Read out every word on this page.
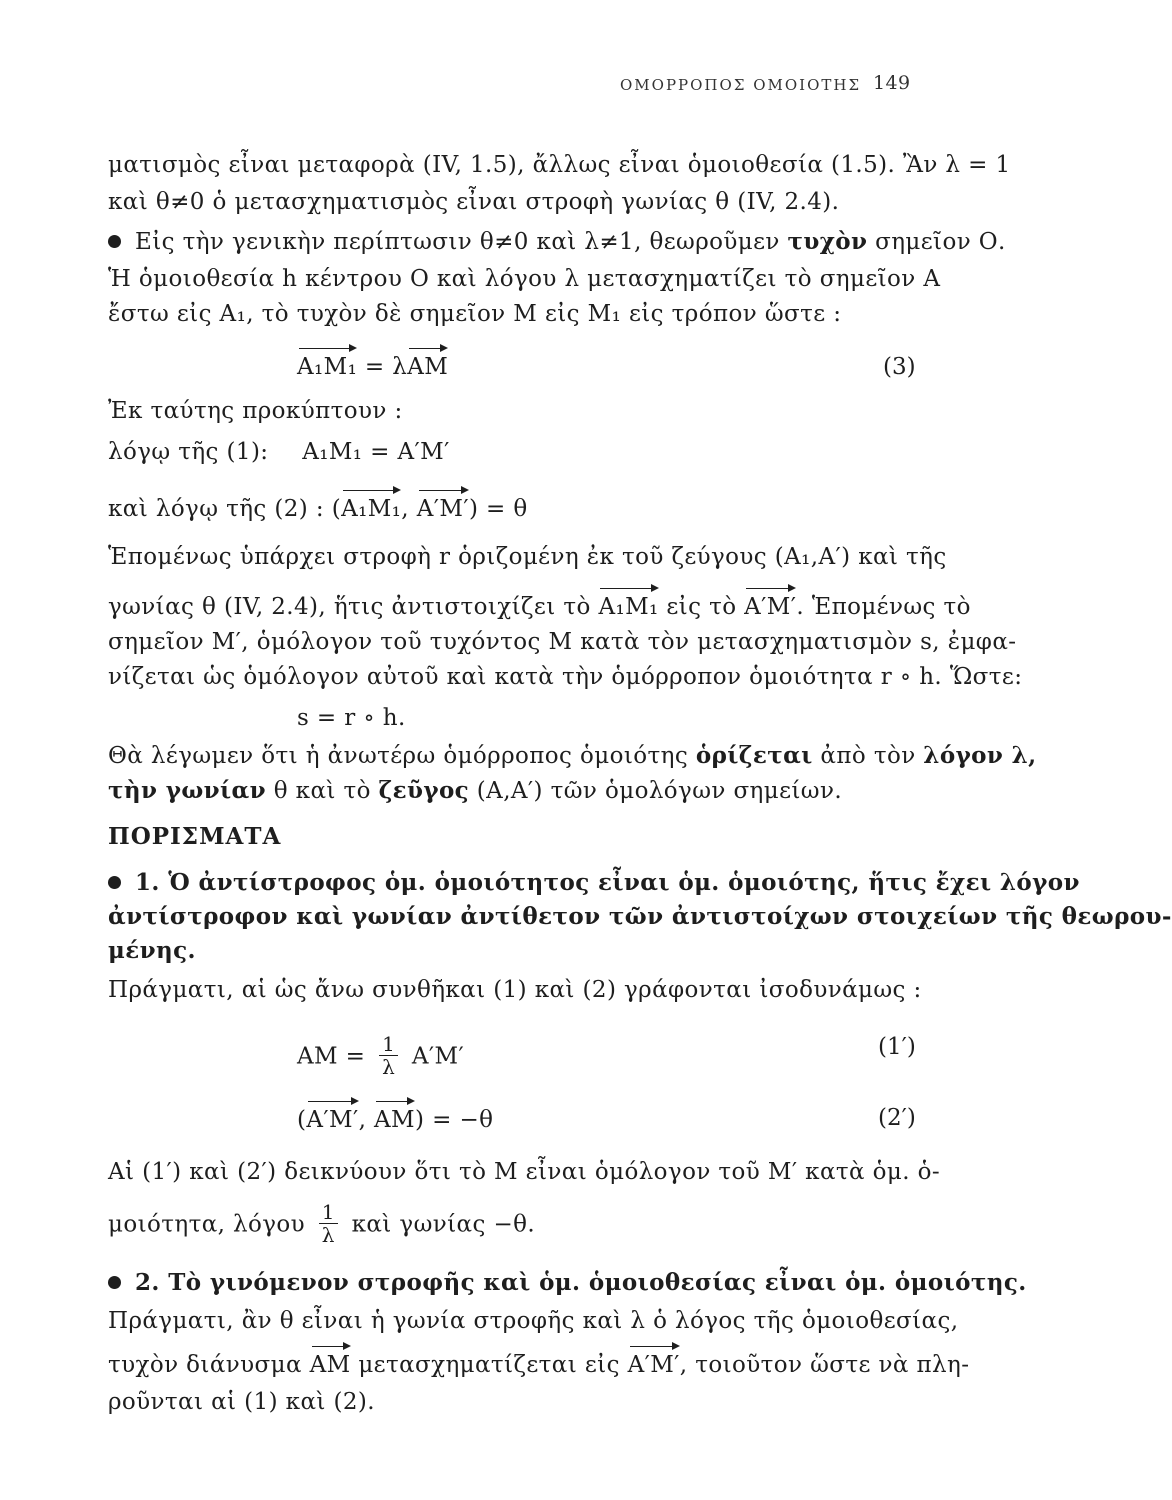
ΟΜΟΡΡΟΠΟΣ ΟΜΟΙΟΤΗΣ 149
ματισμὸς εἶναι μεταφορὰ (IV, 1.5), ἄλλως εἶναι ὁμοιοθεσία (1.5). Ἂν λ = 1
καὶ θ≠0 ὁ μετασχηματισμὸς εἶναι στροφὴ γωνίας θ (IV, 2.4).
Εἰς τὴν γενικὴν περίπτωσιν θ≠0 καὶ λ≠1, θεωροῦμεν τυχὸν σημεῖον Ο.
Ἡ ὁμοιοθεσία h κέντρου Ο καὶ λόγου λ μετασχηματίζει τὸ σημεῖον Α
ἔστω εἰς Α₁, τὸ τυχὸν δὲ σημεῖον Μ εἰς Μ₁ εἰς τρόπον ὥστε :
Α₁Μ₁ = λΑΜ	(3)
Ἐκ ταύτης προκύπτουν :
λόγῳ τῆς (1): Α₁Μ₁ = Α′Μ′
καὶ λόγῳ τῆς (2) : (Α₁Μ₁, Α′Μ′) = θ
Ἑπομένως ὑπάρχει στροφὴ r ὁριζομένη ἐκ τοῦ ζεύγους (Α₁,Α′) καὶ τῆς
γωνίας θ (IV, 2.4), ἥτις ἀντιστοιχίζει τὸ Α₁Μ₁ εἰς τὸ Α′Μ′. Ἑπομένως τὸ
σημεῖον Μ′, ὁμόλογον τοῦ τυχόντος Μ κατὰ τὸν μετασχηματισμὸν s, ἐμφα-
νίζεται ὡς ὁμόλογον αὐτοῦ καὶ κατὰ τὴν ὁμόρροπον ὁμοιότητα r ∘ h. Ὥστε:
s = r ∘ h.
Θὰ λέγωμεν ὅτι ἡ ἀνωτέρω ὁμόρροπος ὁμοιότης ὁρίζεται ἀπὸ τὸν λόγον λ,
τὴν γωνίαν θ καὶ τὸ ζεῦγος (Α,Α′) τῶν ὁμολόγων σημείων.
ΠΟΡΙΣΜΑΤΑ
1. Ὁ ἀντίστροφος ὁμ. ὁμοιότητος εἶναι ὁμ. ὁμοιότης, ἥτις ἔχει λόγον
ἀντίστροφον καὶ γωνίαν ἀντίθετον τῶν ἀντιστοίχων στοιχείων τῆς θεωρου-
μένης.
Πράγματι, αἱ ὡς ἄνω συνθῆκαι (1) καὶ (2) γράφονται ἰσοδυνάμως :
$AM = \frac{1}{\lambda} A'M'$	(1′)
(Α′Μ′, ΑΜ) = −θ	(2′)
Αἱ (1′) καὶ (2′) δεικνύουν ὅτι τὸ Μ εἶναι ὁμόλογον τοῦ Μ′ κατὰ ὁμ. ὁ-
μοιότητα, λόγου $\frac{1}{\lambda}$ καὶ γωνίας −θ.
2. Τὸ γινόμενον στροφῆς καὶ ὁμ. ὁμοιοθεσίας εἶναι ὁμ. ὁμοιότης.
Πράγματι, ἂν θ εἶναι ἡ γωνία στροφῆς καὶ λ ὁ λόγος τῆς ὁμοιοθεσίας,
τυχὸν διάνυσμα ΑΜ μετασχηματίζεται εἰς Α′Μ′, τοιοῦτον ὥστε νὰ πλη-
ροῦνται αἱ (1) καὶ (2).
